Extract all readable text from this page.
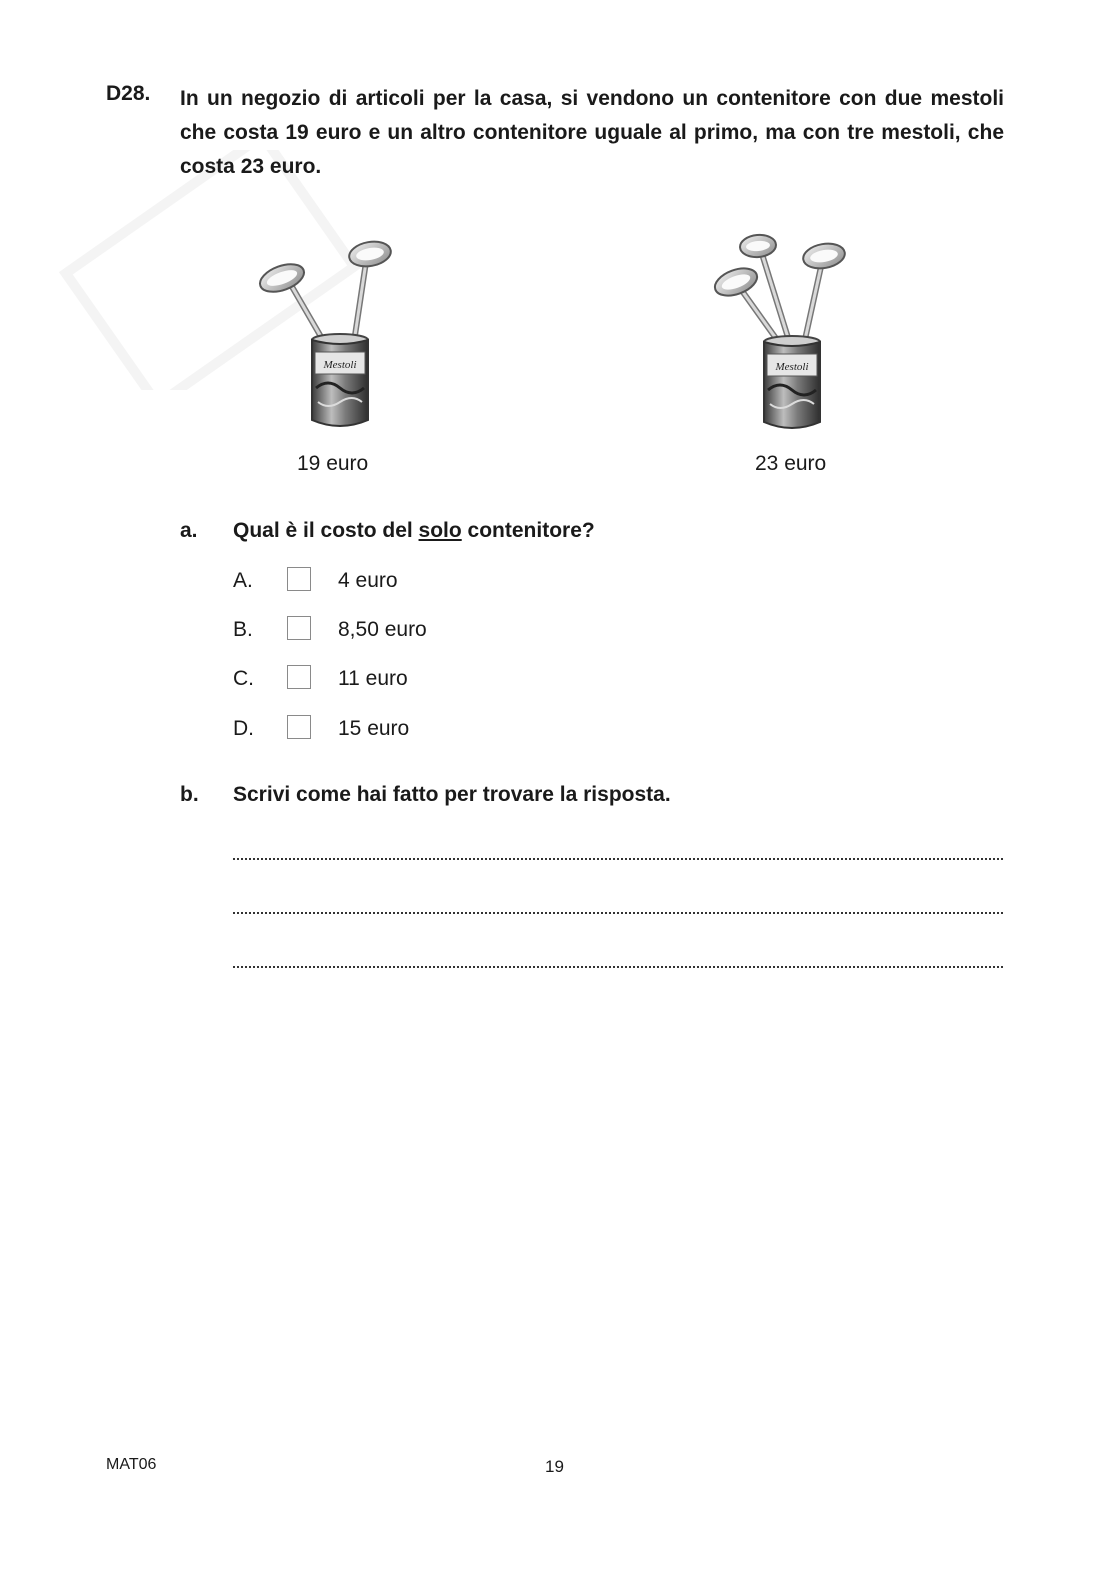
D28. In un negozio di articoli per la casa, si vendono un contenitore con due mestoli che costa 19 euro e un altro contenitore uguale al primo, ma con tre mestoli, che costa 23 euro.
Mestoli
19 euro
Mestoli
23 euro
a. Qual è il costo del solo contenitore?
A.	4 euro
B.	8,50 euro
C.	11 euro
D.	15 euro
b. Scrivi come hai fatto per trovare la risposta.
MAT06	19
